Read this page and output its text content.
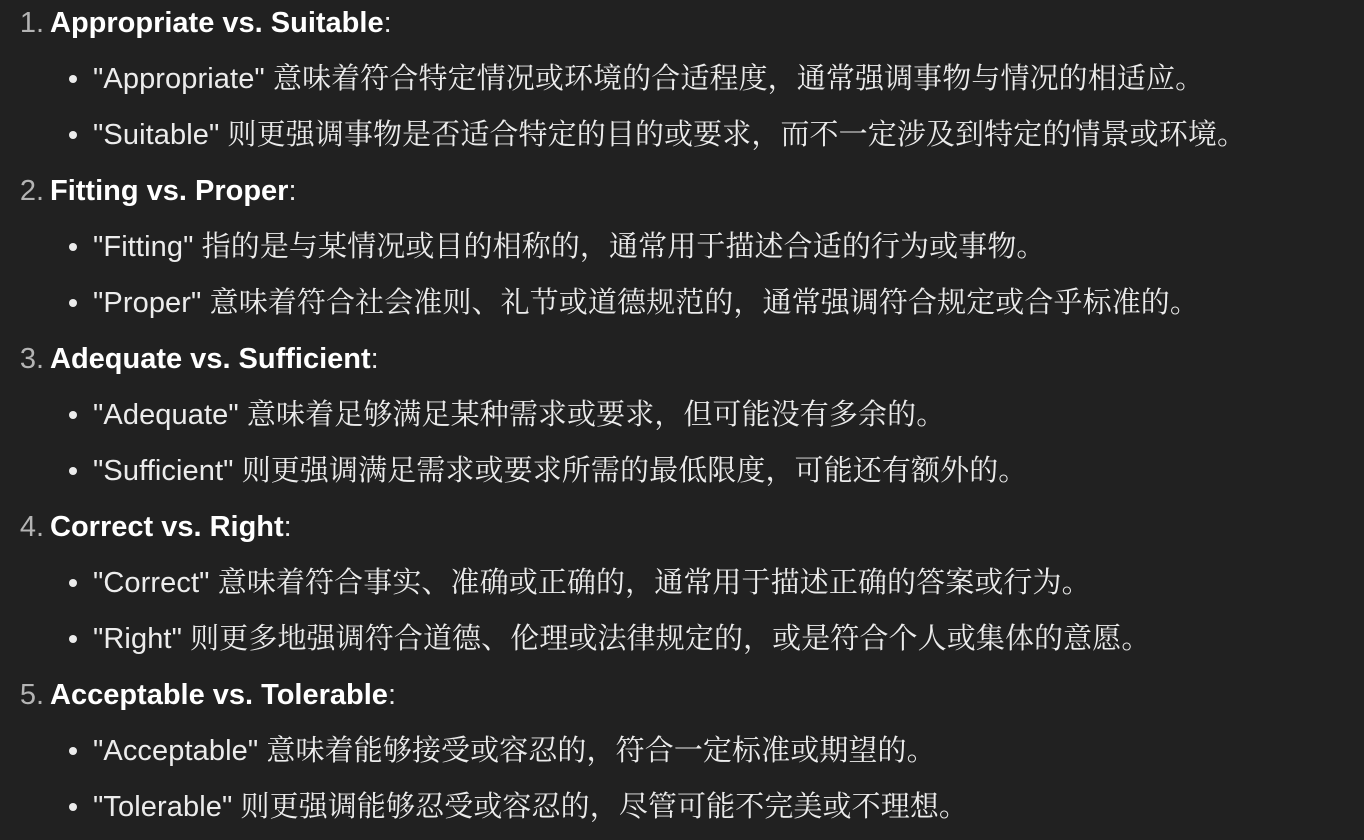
1. Appropriate vs. Suitable:
"Appropriate" 意味着符合特定情况或环境的合适程度，通常强调事物与情况的相适应。
"Suitable" 则更强调事物是否适合特定的目的或要求，而不一定涉及到特定的情景或环境。
2. Fitting vs. Proper:
"Fitting" 指的是与某情况或目的相称的，通常用于描述合适的行为或事物。
"Proper" 意味着符合社会准则、礼节或道德规范的，通常强调符合规定或合乎标准的。
3. Adequate vs. Sufficient:
"Adequate" 意味着足够满足某种需求或要求，但可能没有多余的。
"Sufficient" 则更强调满足需求或要求所需的最低限度，可能还有额外的。
4. Correct vs. Right:
"Correct" 意味着符合事实、准确或正确的，通常用于描述正确的答案或行为。
"Right" 则更多地强调符合道德、伦理或法律规定的，或是符合个人或集体的意愿。
5. Acceptable vs. Tolerable:
"Acceptable" 意味着能够接受或容忍的，符合一定标准或期望的。
"Tolerable" 则更强调能够忍受或容忍的，尽管可能不完美或不理想。
